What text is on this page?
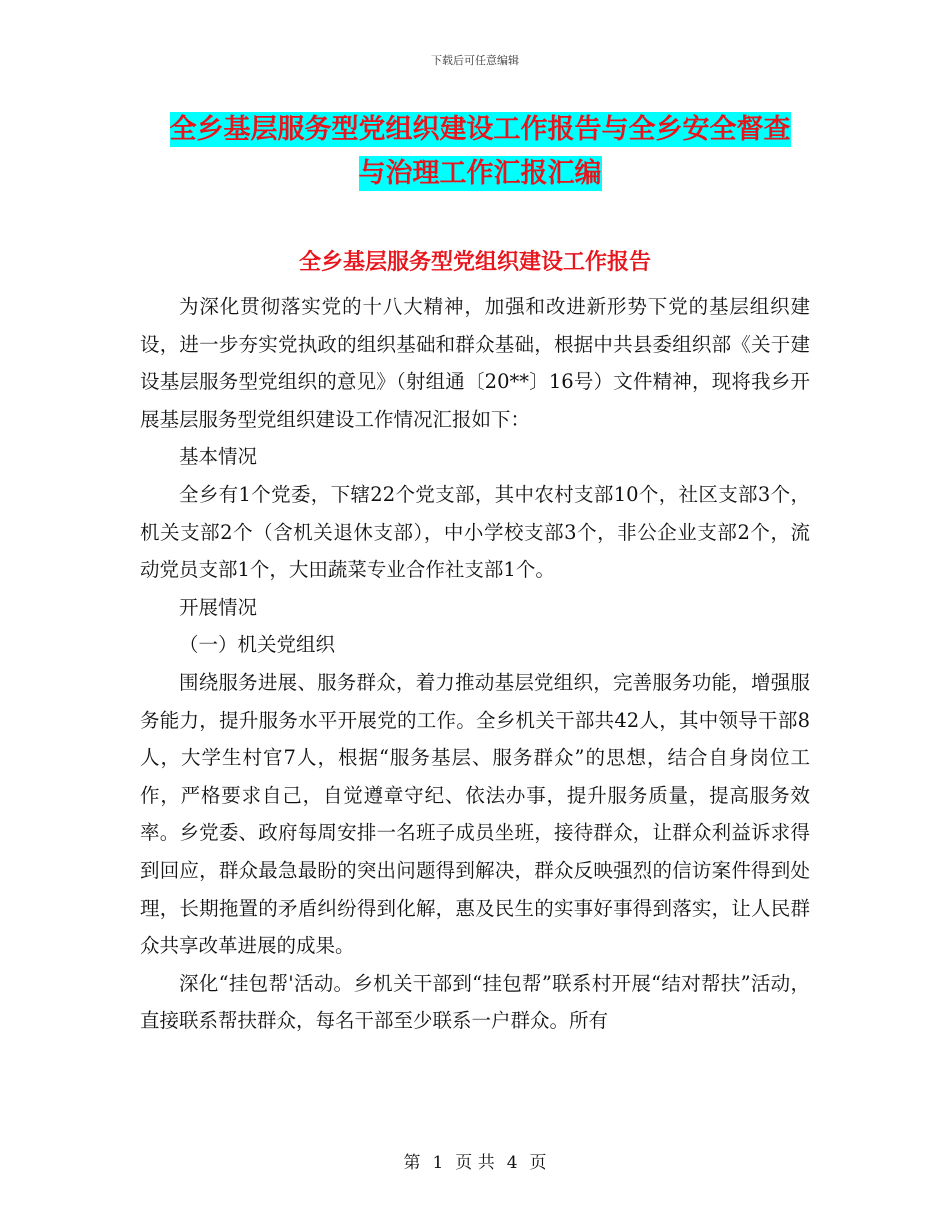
下载后可任意编辑
全乡基层服务型党组织建设工作报告与全乡安全督查
与治理工作汇报汇编
全乡基层服务型党组织建设工作报告

为深化贯彻落实党的十八大精神，加强和改进新形势下党的基层组织建设，进一步夯实党执政的组织基础和群众基础，根据中共县委组织部《关于建设基层服务型党组织的意见》（射组通〔20**〕16号）文件精神，现将我乡开展基层服务型党组织建设工作情况汇报如下：

基本情况

全乡有1个党委，下辖22个党支部，其中农村支部10个，社区支部3个，机关支部2个（含机关退休支部），中小学校支部3个，非公企业支部2个，流动党员支部1个，大田蔬菜专业合作社支部1个。

开展情况

（一）机关党组织

围绕服务进展、服务群众，着力推动基层党组织，完善服务功能，增强服务能力，提升服务水平开展党的工作。全乡机关干部共42人，其中领导干部8人，大学生村官7人，根据“服务基层、服务群众”的思想，结合自身岗位工作，严格要求自己，自觉遵章守纪、依法办事，提升服务质量，提高服务效率。乡党委、政府每周安排一名班子成员坐班，接待群众，让群众利益诉求得到回应，群众最急最盼的突出问题得到解决，群众反映强烈的信访案件得到处理，长期拖置的矛盾纠纷得到化解，惠及民生的实事好事得到落实，让人民群众共享改革进展的成果。

深化“挂包帮'活动。乡机关干部到“挂包帮”联系村开展“结对帮扶”活动，直接联系帮扶群众，每名干部至少联系一户群众。所有

第 1 页 共 4 页
